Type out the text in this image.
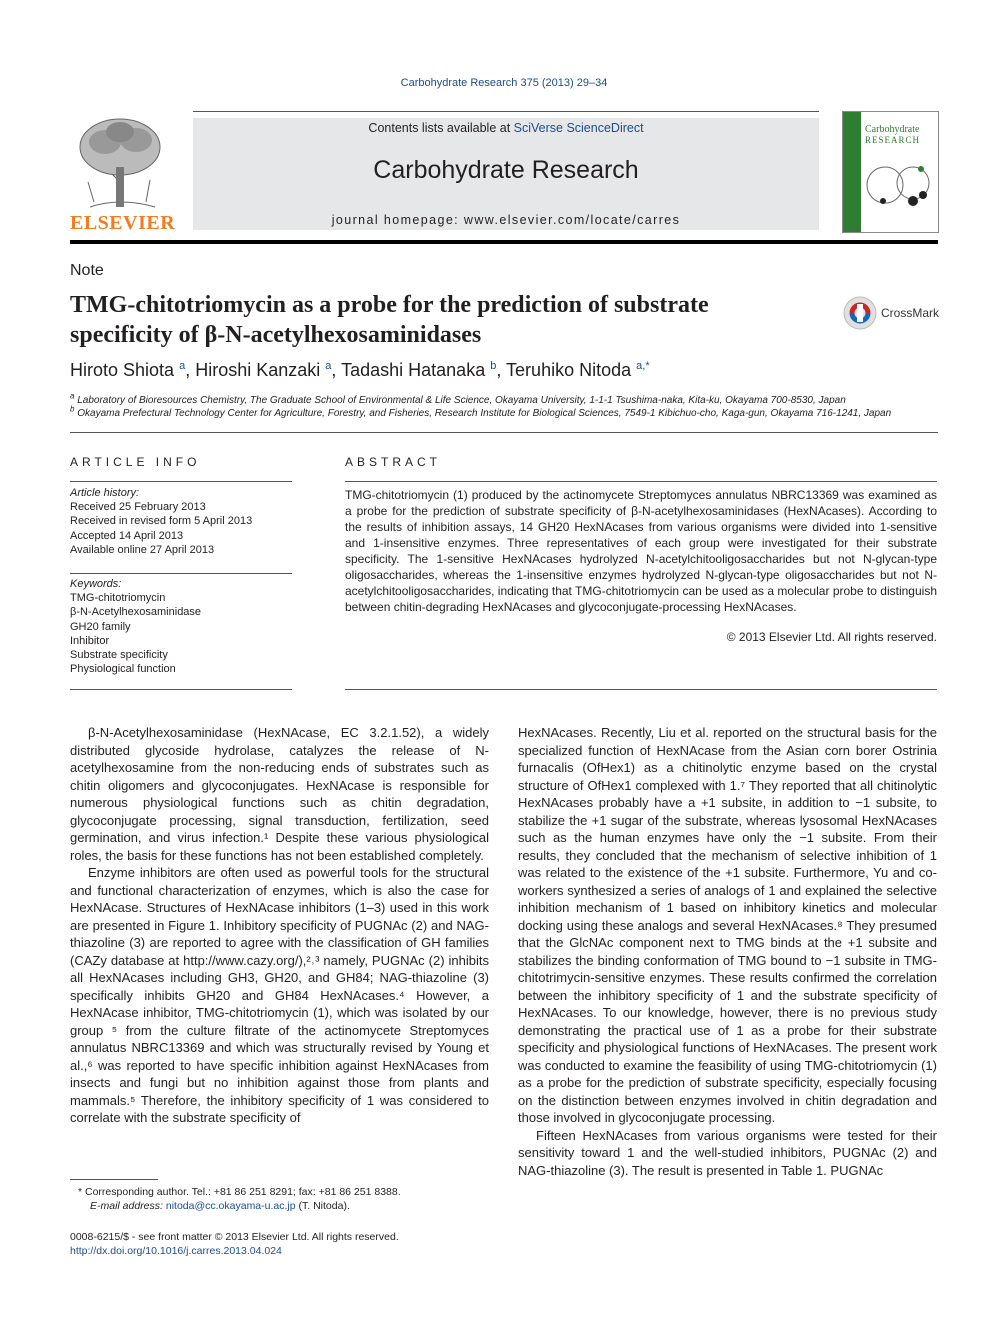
Carbohydrate Research 375 (2013) 29–34
ELSEVIER
Contents lists available at SciVerse ScienceDirect
Carbohydrate Research
journal homepage: www.elsevier.com/locate/carres
Carbohydrate
RESEARCH
Note
TMG-chitotriomycin as a probe for the prediction of substrate
specificity of β-N-acetylhexosaminidases
CrossMark
Hiroto Shiota $^a$, Hiroshi Kanzaki $^a$, Tadashi Hatanaka $^b$, Teruhiko Nitoda $^{a,*}$
$^a$ Laboratory of Bioresources Chemistry, The Graduate School of Environmental & Life Science, Okayama University, 1-1-1 Tsushima-naka, Kita-ku, Okayama 700-8530, Japan
$^b$ Okayama Prefectural Technology Center for Agriculture, Forestry, and Fisheries, Research Institute for Biological Sciences, 7549-1 Kibichuo-cho, Kaga-gun, Okayama 716-1241, Japan
ARTICLE INFO
Article history:
Received 25 February 2013
Received in revised form 5 April 2013
Accepted 14 April 2013
Available online 27 April 2013
Keywords:
TMG-chitotriomycin
β-N-Acetylhexosaminidase
GH20 family
Inhibitor
Substrate specificity
Physiological function
ABSTRACT
TMG-chitotriomycin (1) produced by the actinomycete Streptomyces annulatus NBRC13369 was examined as a probe for the prediction of substrate specificity of β-N-acetylhexosaminidases (HexNAcases). According to the results of inhibition assays, 14 GH20 HexNAcases from various organisms were divided into 1-sensitive and 1-insensitive enzymes. Three representatives of each group were investigated for their substrate specificity. The 1-sensitive HexNAcases hydrolyzed N-acetylchitooligosaccharides but not N-glycan-type oligosaccharides, whereas the 1-insensitive enzymes hydrolyzed N-glycan-type oligosaccharides but not N-acetylchitooligosaccharides, indicating that TMG-chitotriomycin can be used as a molecular probe to distinguish between chitin-degrading HexNAcases and glycoconjugate-processing HexNAcases.
© 2013 Elsevier Ltd. All rights reserved.

β-N-Acetylhexosaminidase (HexNAcase, EC 3.2.1.52), a widely distributed glycoside hydrolase, catalyzes the release of N-acetylhexosamine from the non-reducing ends of substrates such as chitin oligomers and glycoconjugates. HexNAcase is responsible for numerous physiological functions such as chitin degradation, glycoconjugate processing, signal transduction, fertilization, seed germination, and virus infection.¹ Despite these various physiological roles, the basis for these functions has not been established completely.

Enzyme inhibitors are often used as powerful tools for the structural and functional characterization of enzymes, which is also the case for HexNAcase. Structures of HexNAcase inhibitors (1–3) used in this work are presented in Figure 1. Inhibitory specificity of PUGNAc (2) and NAG-thiazoline (3) are reported to agree with the classification of GH families (CAZy database at http://www.cazy.org/),²˒³ namely, PUGNAc (2) inhibits all HexNAcases including GH3, GH20, and GH84; NAG-thiazoline (3) specifically inhibits GH20 and GH84 HexNAcases.⁴ However, a HexNAcase inhibitor, TMG-chitotriomycin (1), which was isolated by our group ⁵ from the culture filtrate of the actinomycete Streptomyces annulatus NBRC13369 and which was structurally revised by Young et al.,⁶ was reported to have specific inhibition against HexNAcases from insects and fungi but no inhibition against those from plants and mammals.⁵ Therefore, the inhibitory specificity of 1 was considered to correlate with the substrate specificity of

HexNAcases. Recently, Liu et al. reported on the structural basis for the specialized function of HexNAcase from the Asian corn borer Ostrinia furnacalis (OfHex1) as a chitinolytic enzyme based on the crystal structure of OfHex1 complexed with 1.⁷ They reported that all chitinolytic HexNAcases probably have a +1 subsite, in addition to −1 subsite, to stabilize the +1 sugar of the substrate, whereas lysosomal HexNAcases such as the human enzymes have only the −1 subsite. From their results, they concluded that the mechanism of selective inhibition of 1 was related to the existence of the +1 subsite. Furthermore, Yu and co-workers synthesized a series of analogs of 1 and explained the selective inhibition mechanism of 1 based on inhibitory kinetics and molecular docking using these analogs and several HexNAcases.⁸ They presumed that the GlcNAc component next to TMG binds at the +1 subsite and stabilizes the binding conformation of TMG bound to −1 subsite in TMG-chitotrimycin-sensitive enzymes. These results confirmed the correlation between the inhibitory specificity of 1 and the substrate specificity of HexNAcases. To our knowledge, however, there is no previous study demonstrating the practical use of 1 as a probe for their substrate specificity and physiological functions of HexNAcases. The present work was conducted to examine the feasibility of using TMG-chitotriomycin (1) as a probe for the prediction of substrate specificity, especially focusing on the distinction between enzymes involved in chitin degradation and those involved in glycoconjugate processing.

Fifteen HexNAcases from various organisms were tested for their sensitivity toward 1 and the well-studied inhibitors, PUGNAc (2) and NAG-thiazoline (3). The result is presented in Table 1. PUGNAc

* Corresponding author. Tel.: +81 86 251 8291; fax: +81 86 251 8388.
E-mail address: nitoda@cc.okayama-u.ac.jp (T. Nitoda).
0008-6215/$ - see front matter © 2013 Elsevier Ltd. All rights reserved.
http://dx.doi.org/10.1016/j.carres.2013.04.024
